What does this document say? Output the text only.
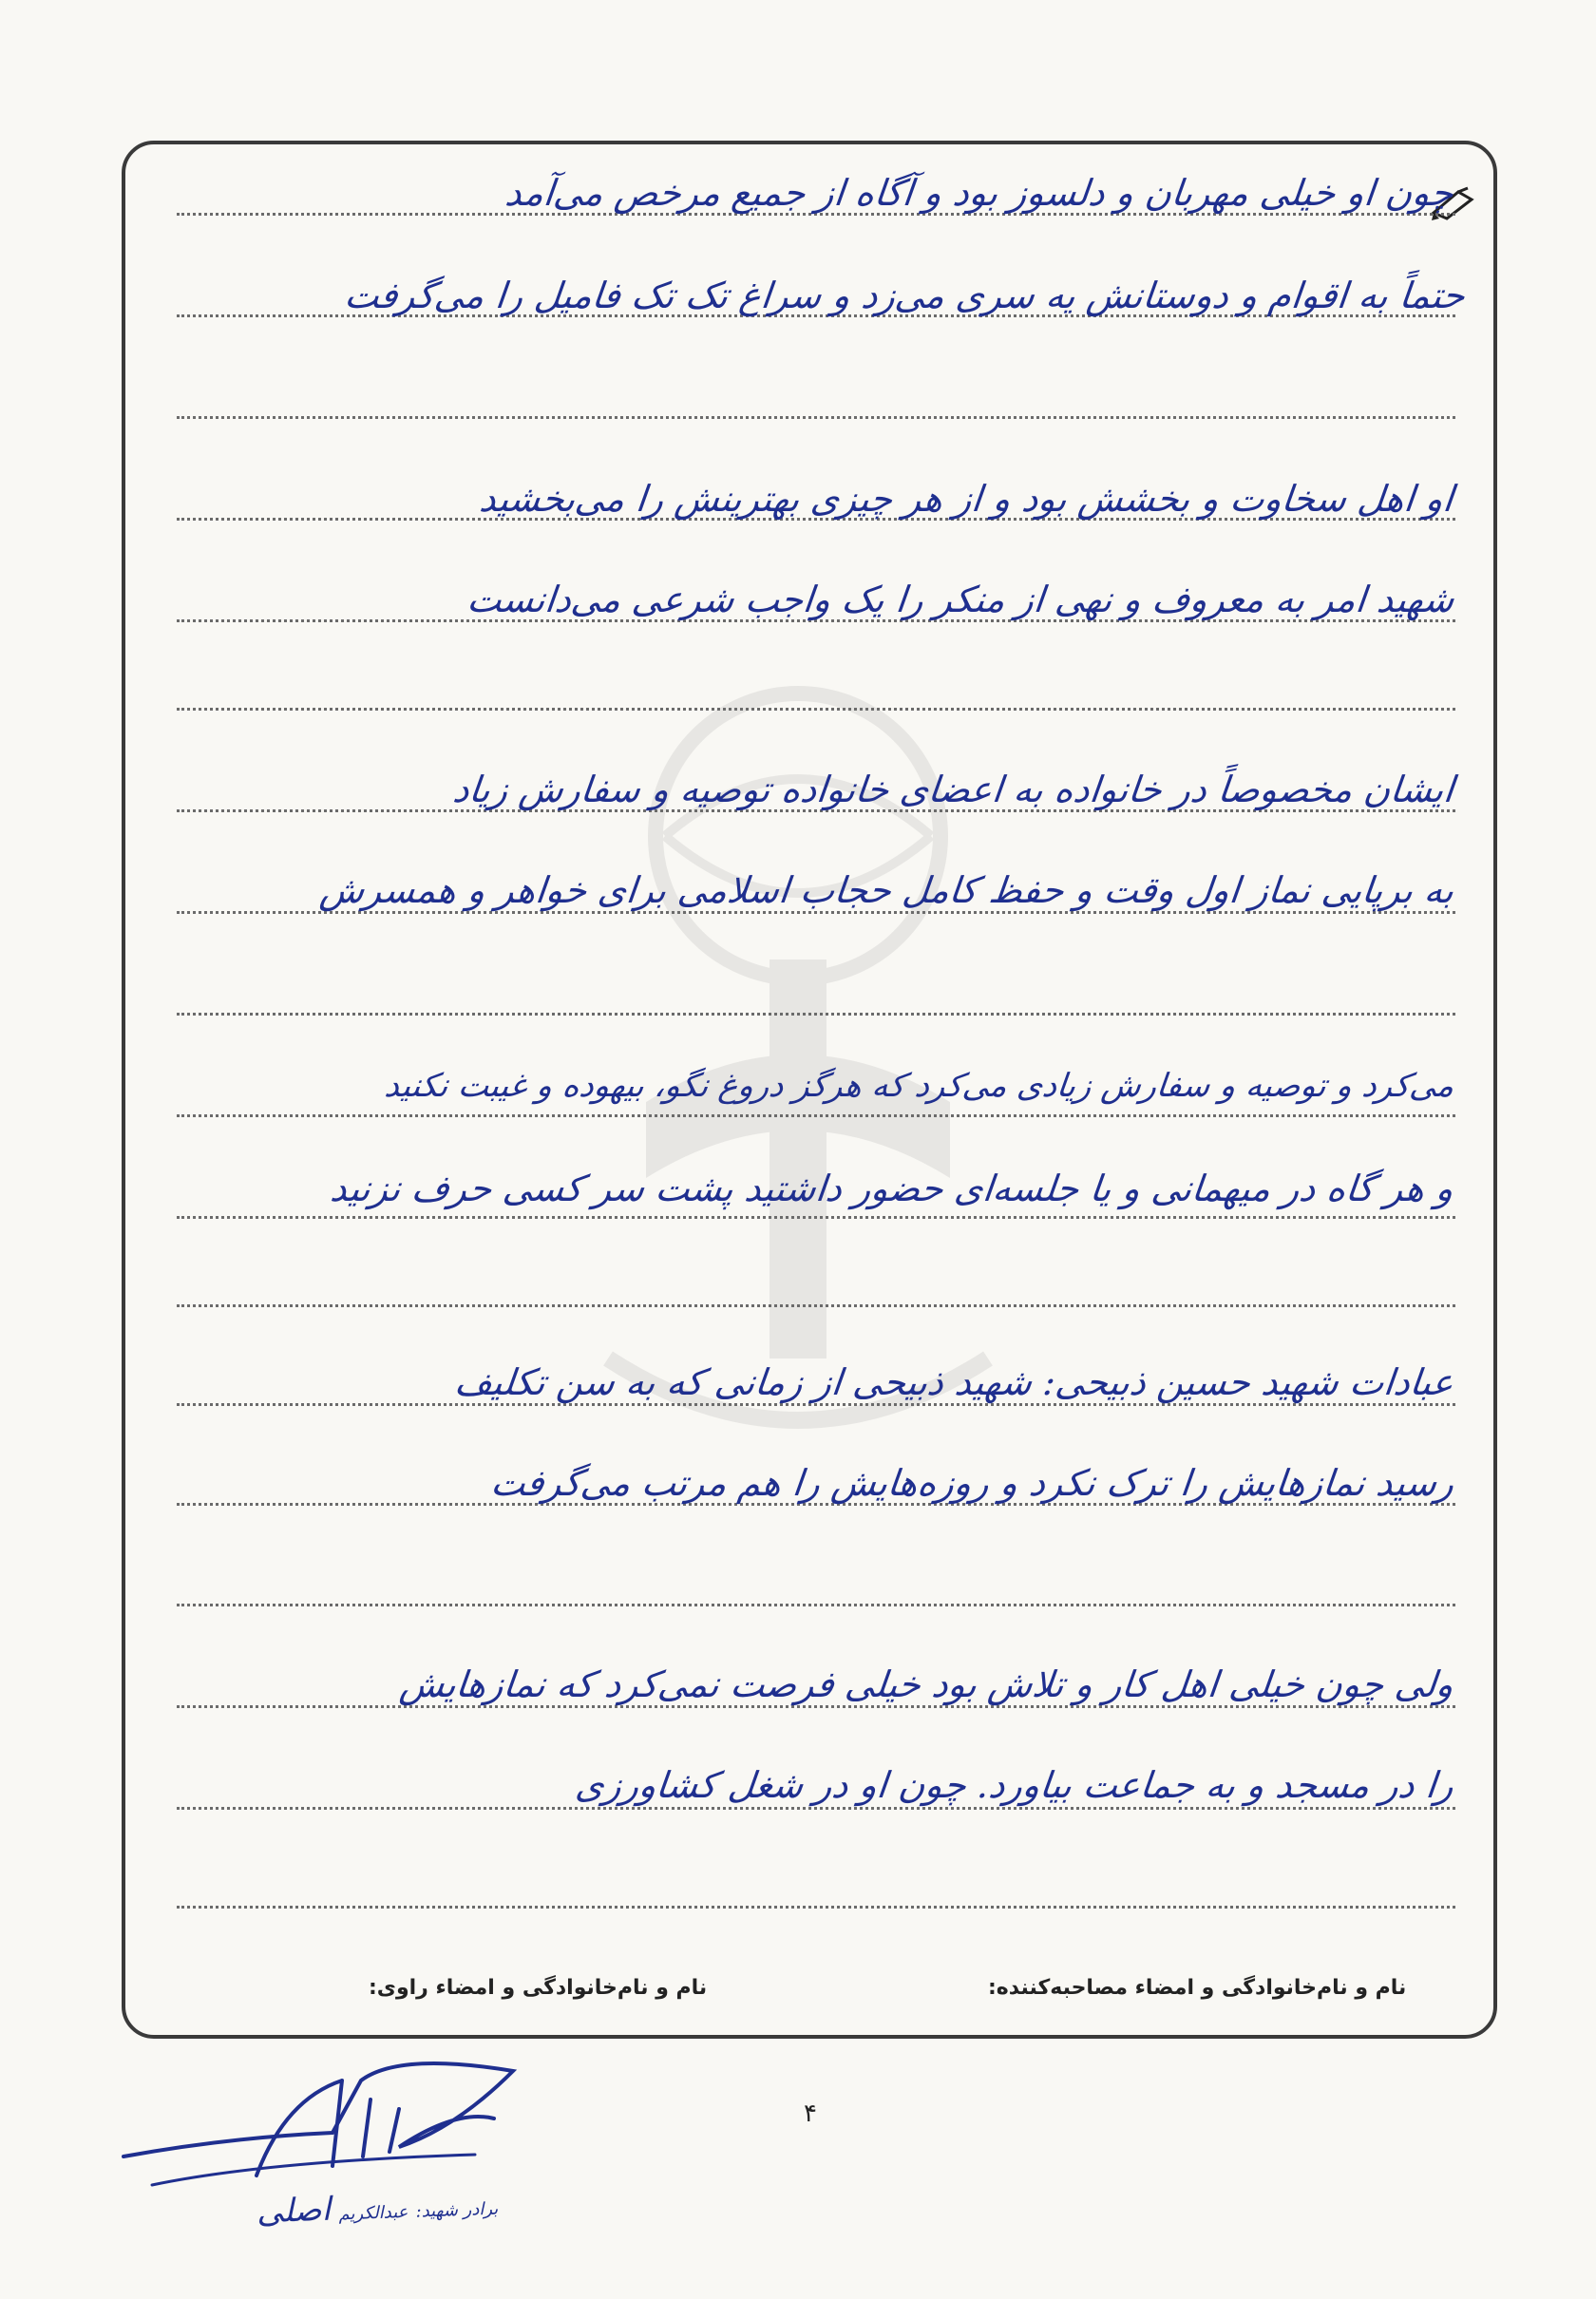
چون او خیلی مهربان و دلسوز بود و آگاه از جمیع مرخص می‌آمد
حتماً به اقوام و دوستانش یه سری می‌زد و سراغ تک تک فامیل را می‌گرفت
او اهل سخاوت و بخشش بود و از هر چیزی بهترینش را می‌بخشید
شهید امر به معروف و نهی از منکر را یک واجب شرعی می‌دانست
ایشان مخصوصاً در خانواده به اعضای خانواده توصیه و سفارش زیاد
به برپایی نماز اول وقت و حفظ کامل حجاب اسلامی برای خواهر و همسرش
می‌کرد و توصیه و سفارش زیادی می‌کرد که هرگز دروغ نگو، بیهوده و غیبت نکنید
و هر گاه در میهمانی و یا جلسه‌ای حضور داشتید پشت سر کسی حرف نزنید
عبادات شهید حسین ذبیحی: شهید ذبیحی از زمانی که به سن تکلیف
رسید نمازهایش را ترک نکرد و روزه‌هایش را هم مرتب می‌گرفت
ولی چون خیلی اهل کار و تلاش بود خیلی فرصت نمی‌کرد که نمازهایش
را در مسجد و به جماعت بیاورد. چون او در شغل کشاورزی
نام و نام‌خانوادگی و امضاء مصاحبه‌کننده:
نام و نام‌خانوادگی و امضاء راوی:
۴
برادر شهید: عبدالکریم اصلی
